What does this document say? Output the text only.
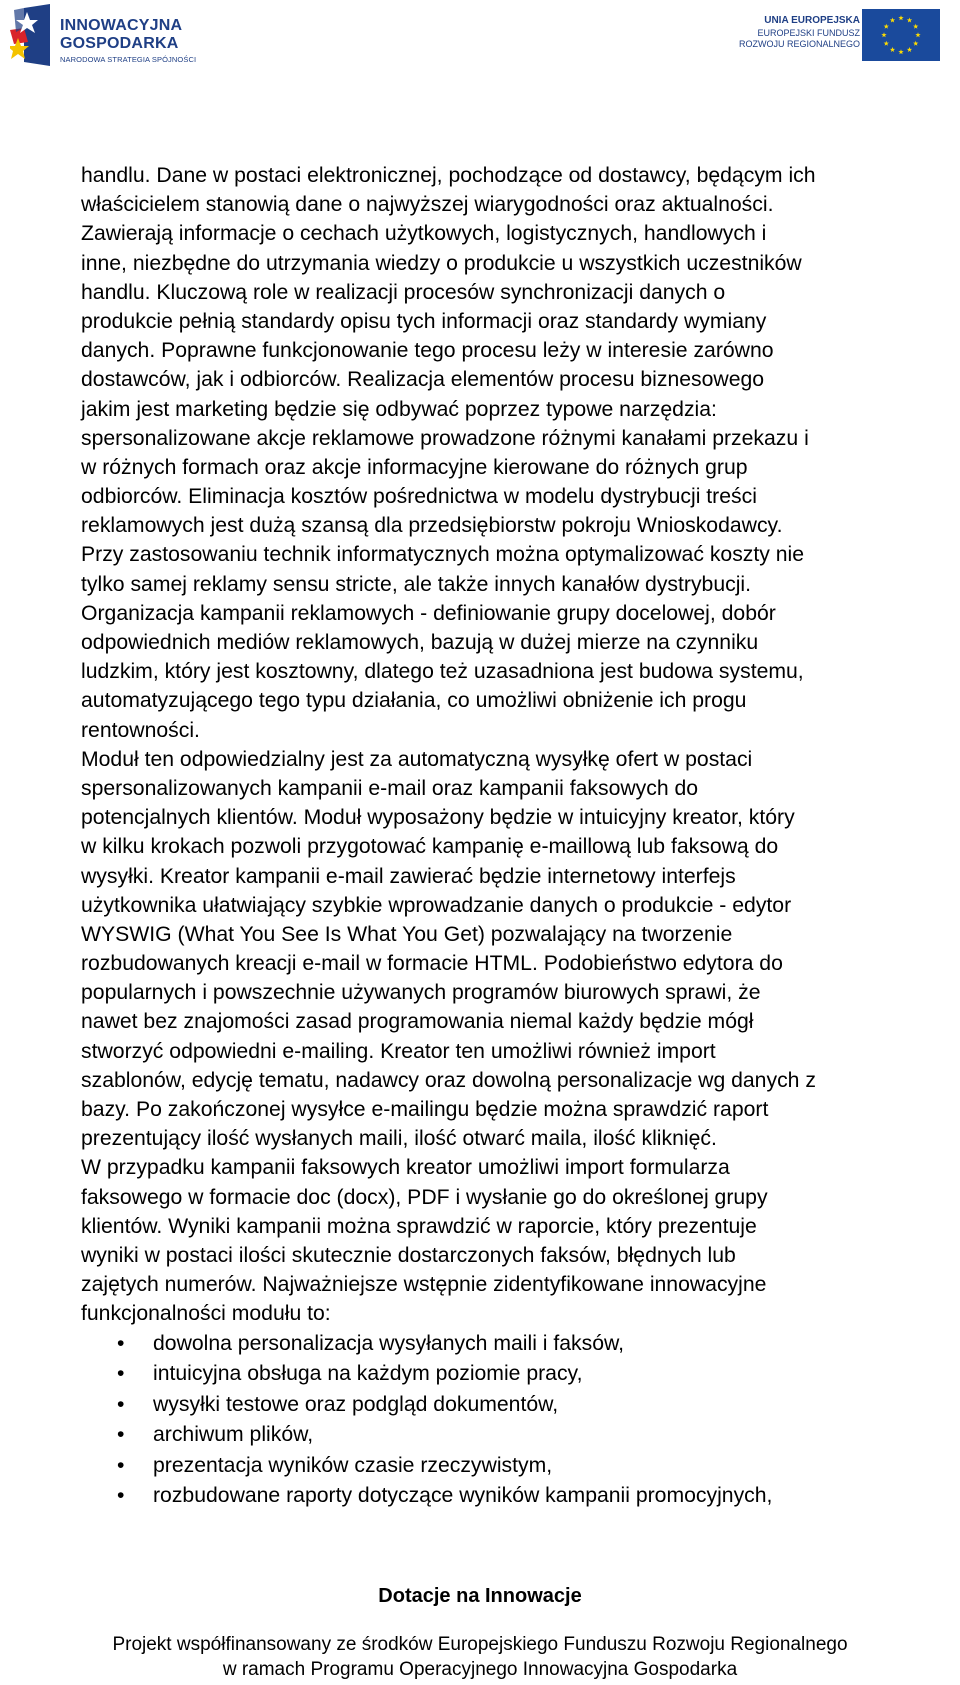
INNOWACYJNA
GOSPODARKA
NARODOWA STRATEGIA SPÓJNOŚCI
UNIA EUROPEJSKA
EUROPEJSKI FUNDUSZ
ROZWOJU REGIONALNEGO
handlu. Dane w postaci elektronicznej, pochodzące od dostawcy, będącym ich
właścicielem stanowią dane o najwyższej wiarygodności oraz aktualności.
Zawierają informacje o cechach użytkowych, logistycznych, handlowych i
inne, niezbędne do utrzymania wiedzy o produkcie u wszystkich uczestników
handlu. Kluczową role w realizacji procesów synchronizacji danych o
produkcie pełnią standardy opisu tych informacji oraz standardy wymiany
danych. Poprawne funkcjonowanie tego procesu leży w interesie zarówno
dostawców, jak i odbiorców. Realizacja elementów procesu biznesowego
jakim jest marketing będzie się odbywać poprzez typowe narzędzia:
spersonalizowane akcje reklamowe prowadzone różnymi kanałami przekazu i
w różnych formach oraz akcje informacyjne kierowane do różnych grup
odbiorców. Eliminacja kosztów pośrednictwa w modelu dystrybucji treści
reklamowych jest dużą szansą dla przedsiębiorstw pokroju Wnioskodawcy.
Przy zastosowaniu technik informatycznych można optymalizować koszty nie
tylko samej reklamy sensu stricte, ale także innych kanałów dystrybucji.
Organizacja kampanii reklamowych - definiowanie grupy docelowej, dobór
odpowiednich mediów reklamowych, bazują w dużej mierze na czynniku
ludzkim, który jest kosztowny, dlatego też uzasadniona jest budowa systemu,
automatyzującego tego typu działania, co umożliwi obniżenie ich progu
rentowności.
Moduł ten odpowiedzialny jest za automatyczną wysyłkę ofert w postaci
spersonalizowanych kampanii e-mail oraz kampanii faksowych do
potencjalnych klientów. Moduł wyposażony będzie w intuicyjny kreator, który
w kilku krokach pozwoli przygotować kampanię e-maillową lub faksową do
wysyłki. Kreator kampanii e-mail zawierać będzie internetowy interfejs
użytkownika ułatwiający szybkie wprowadzanie danych o produkcie - edytor
WYSWIG (What You See Is What You Get) pozwalający na tworzenie
rozbudowanych kreacji e-mail w formacie HTML. Podobieństwo edytora do
popularnych i powszechnie używanych programów biurowych sprawi, że
nawet bez znajomości zasad programowania niemal każdy będzie mógł
stworzyć odpowiedni e-mailing. Kreator ten umożliwi również import
szablonów, edycję tematu, nadawcy oraz dowolną personalizacje wg danych z
bazy. Po zakończonej wysyłce e-mailingu będzie można sprawdzić raport
prezentujący ilość wysłanych maili, ilość otwarć maila, ilość kliknięć.
W przypadku kampanii faksowych kreator umożliwi import formularza
faksowego w formacie doc (docx), PDF i wysłanie go do określonej grupy
klientów. Wyniki kampanii można sprawdzić w raporcie, który prezentuje
wyniki w postaci ilości skutecznie dostarczonych faksów, błędnych lub
zajętych numerów. Najważniejsze wstępnie zidentyfikowane innowacyjne
funkcjonalności modułu to:
• dowolna personalizacja wysyłanych maili i faksów,
• intuicyjna obsługa na każdym poziomie pracy,
• wysyłki testowe oraz podgląd dokumentów,
• archiwum plików,
• prezentacja wyników czasie rzeczywistym,
• rozbudowane raporty dotyczące wyników kampanii promocyjnych,
Dotacje na Innowacje
Projekt współfinansowany ze środków Europejskiego Funduszu Rozwoju Regionalnego
w ramach Programu Operacyjnego Innowacyjna Gospodarka
